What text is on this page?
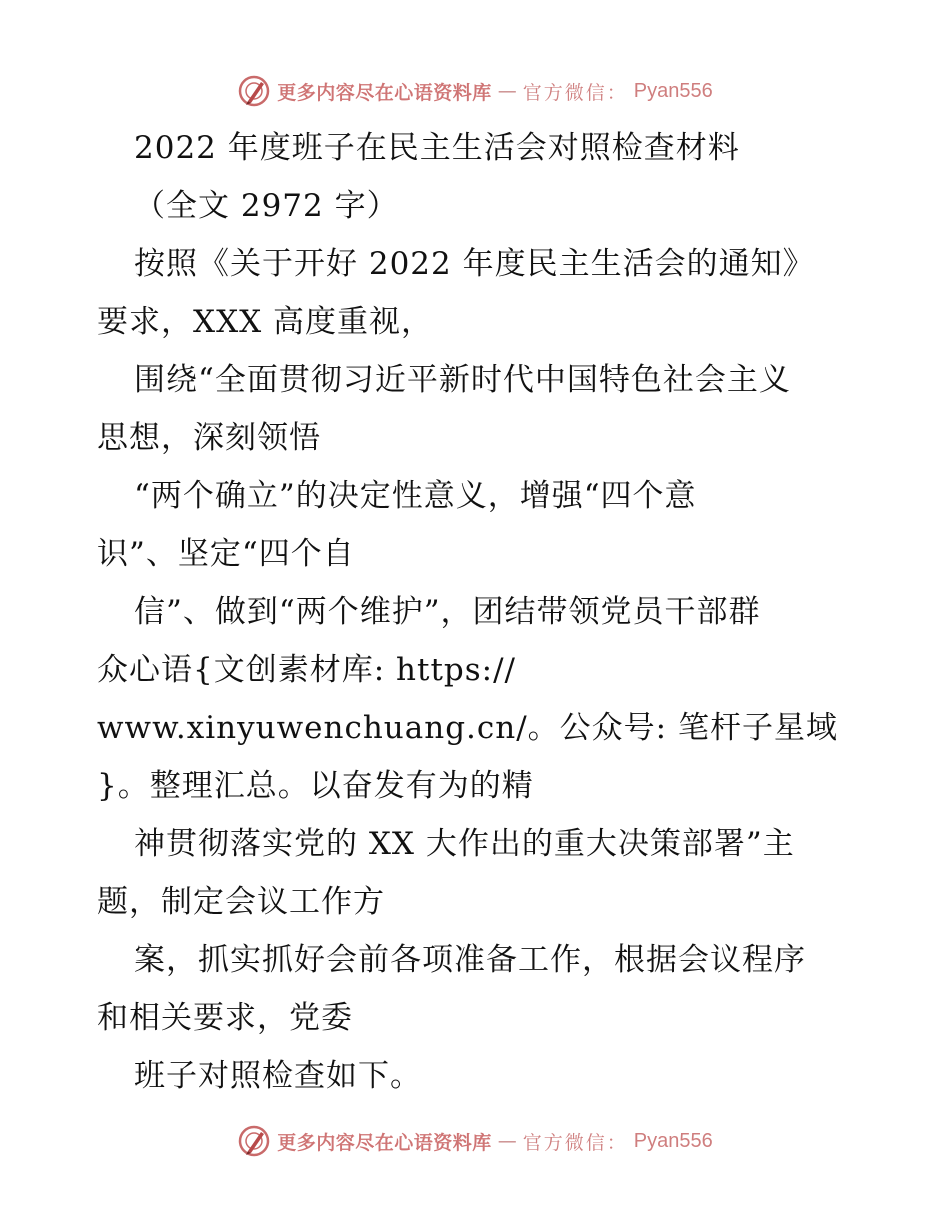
更多内容尽在心语资料库 — 官方微信： Pyan556
2022 年度班子在民主生活会对照检查材料
（全文 2972 字）
按照《关于开好 2022 年度民主生活会的通知》
要求，XXX 高度重视，
围绕“全面贯彻习近平新时代中国特色社会主义
思想，深刻领悟
“两个确立”的决定性意义，增强“四个意
识”、坚定“四个自
信”、做到“两个维护”，团结带领党员干部群
众心语{文创素材库: https://
www.xinyuwenchuang.cn/。公众号: 笔杆子星域
}。整理汇总。以奋发有为的精
神贯彻落实党的 XX 大作出的重大决策部署”主
题，制定会议工作方
案，抓实抓好会前各项准备工作，根据会议程序
和相关要求，党委
班子对照检查如下。
更多内容尽在心语资料库 — 官方微信： Pyan556
